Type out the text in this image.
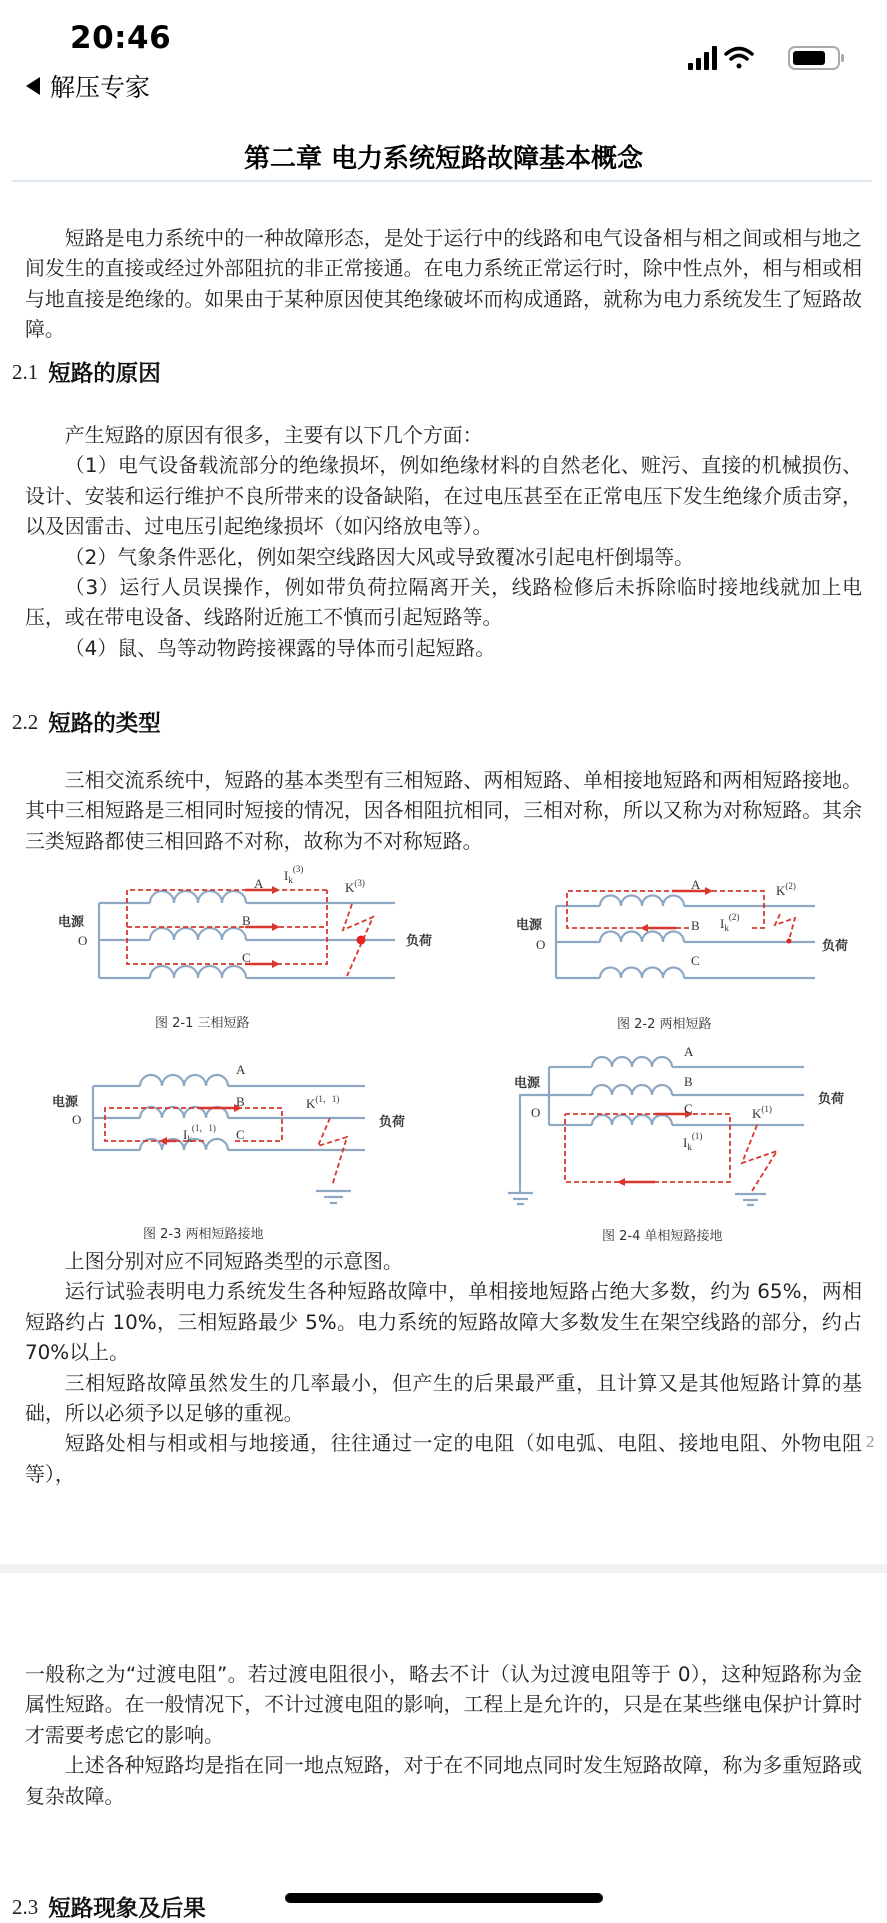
20:46
解压专家
第二章 电力系统短路故障基本概念

短路是电力系统中的一种故障形态，是处于运行中的线路和电气设备相与相之间或相与地之间发生的直接或经过外部阻抗的非正常接通。在电力系统正常运行时，除中性点外，相与相或相与地直接是绝缘的。如果由于某种原因使其绝缘破坏而构成通路，就称为电力系统发生了短路故障。

2.1 短路的原因

产生短路的原因有很多，主要有以下几个方面：

（1）电气设备载流部分的绝缘损坏，例如绝缘材料的自然老化、赃污、直接的机械损伤、设计、安装和运行维护不良所带来的设备缺陷，在过电压甚至在正常电压下发生绝缘介质击穿，以及因雷击、过电压引起绝缘损坏（如闪络放电等）。

（2）气象条件恶化，例如架空线路因大风或导致覆冰引起电杆倒塌等。

（3）运行人员误操作，例如带负荷拉隔离开关，线路检修后未拆除临时接地线就加上电压，或在带电设备、线路附近施工不慎而引起短路等。

（4）鼠、鸟等动物跨接裸露的导体而引起短路。

2.2 短路的类型

三相交流系统中，短路的基本类型有三相短路、两相短路、单相接地短路和两相短路接地。其中三相短路是三相同时短接的情况，因各相阻抗相同，三相对称，所以又称为对称短路。其余三类短路都使三相回路不对称，故称为不对称短路。

电源
O	负荷
A
B
C
$I_k^{(3)}$
$K^{(3)}$
图 2-1 三相短路
电源
O	负荷
A
B
C
$I_k^{(2)}$
$K^{(2)}$
图 2-2 两相短路
电源
O	负荷
A
B
C
$I_k^{(1,1)}$
$K^{(1,1)}$
图 2-3 两相短路接地
电源
O
负荷
A
B
C
$I_k^{(1)}$
$K^{(1)}$
图 2-4 单相短路接地

上图分别对应不同短路类型的示意图。

运行试验表明电力系统发生各种短路故障中，单相接地短路占绝大多数，约为 65%，两相短路约占 10%，三相短路最少 5%。电力系统的短路故障大多数发生在架空线路的部分，约占 70%以上。

三相短路故障虽然发生的几率最小，但产生的后果最严重，且计算又是其他短路计算的基础，所以必须予以足够的重视。

短路处相与相或相与地接通，往往通过一定的电阻（如电弧、电阻、接地电阻、外物电阻等），

2

一般称之为“过渡电阻”。若过渡电阻很小，略去不计（认为过渡电阻等于 0），这种短路称为金属性短路。在一般情况下，不计过渡电阻的影响，工程上是允许的，只是在某些继电保护计算时才需要考虑它的影响。

上述各种短路均是指在同一地点短路，对于在不同地点同时发生短路故障，称为多重短路或复杂故障。

2.3 短路现象及后果
